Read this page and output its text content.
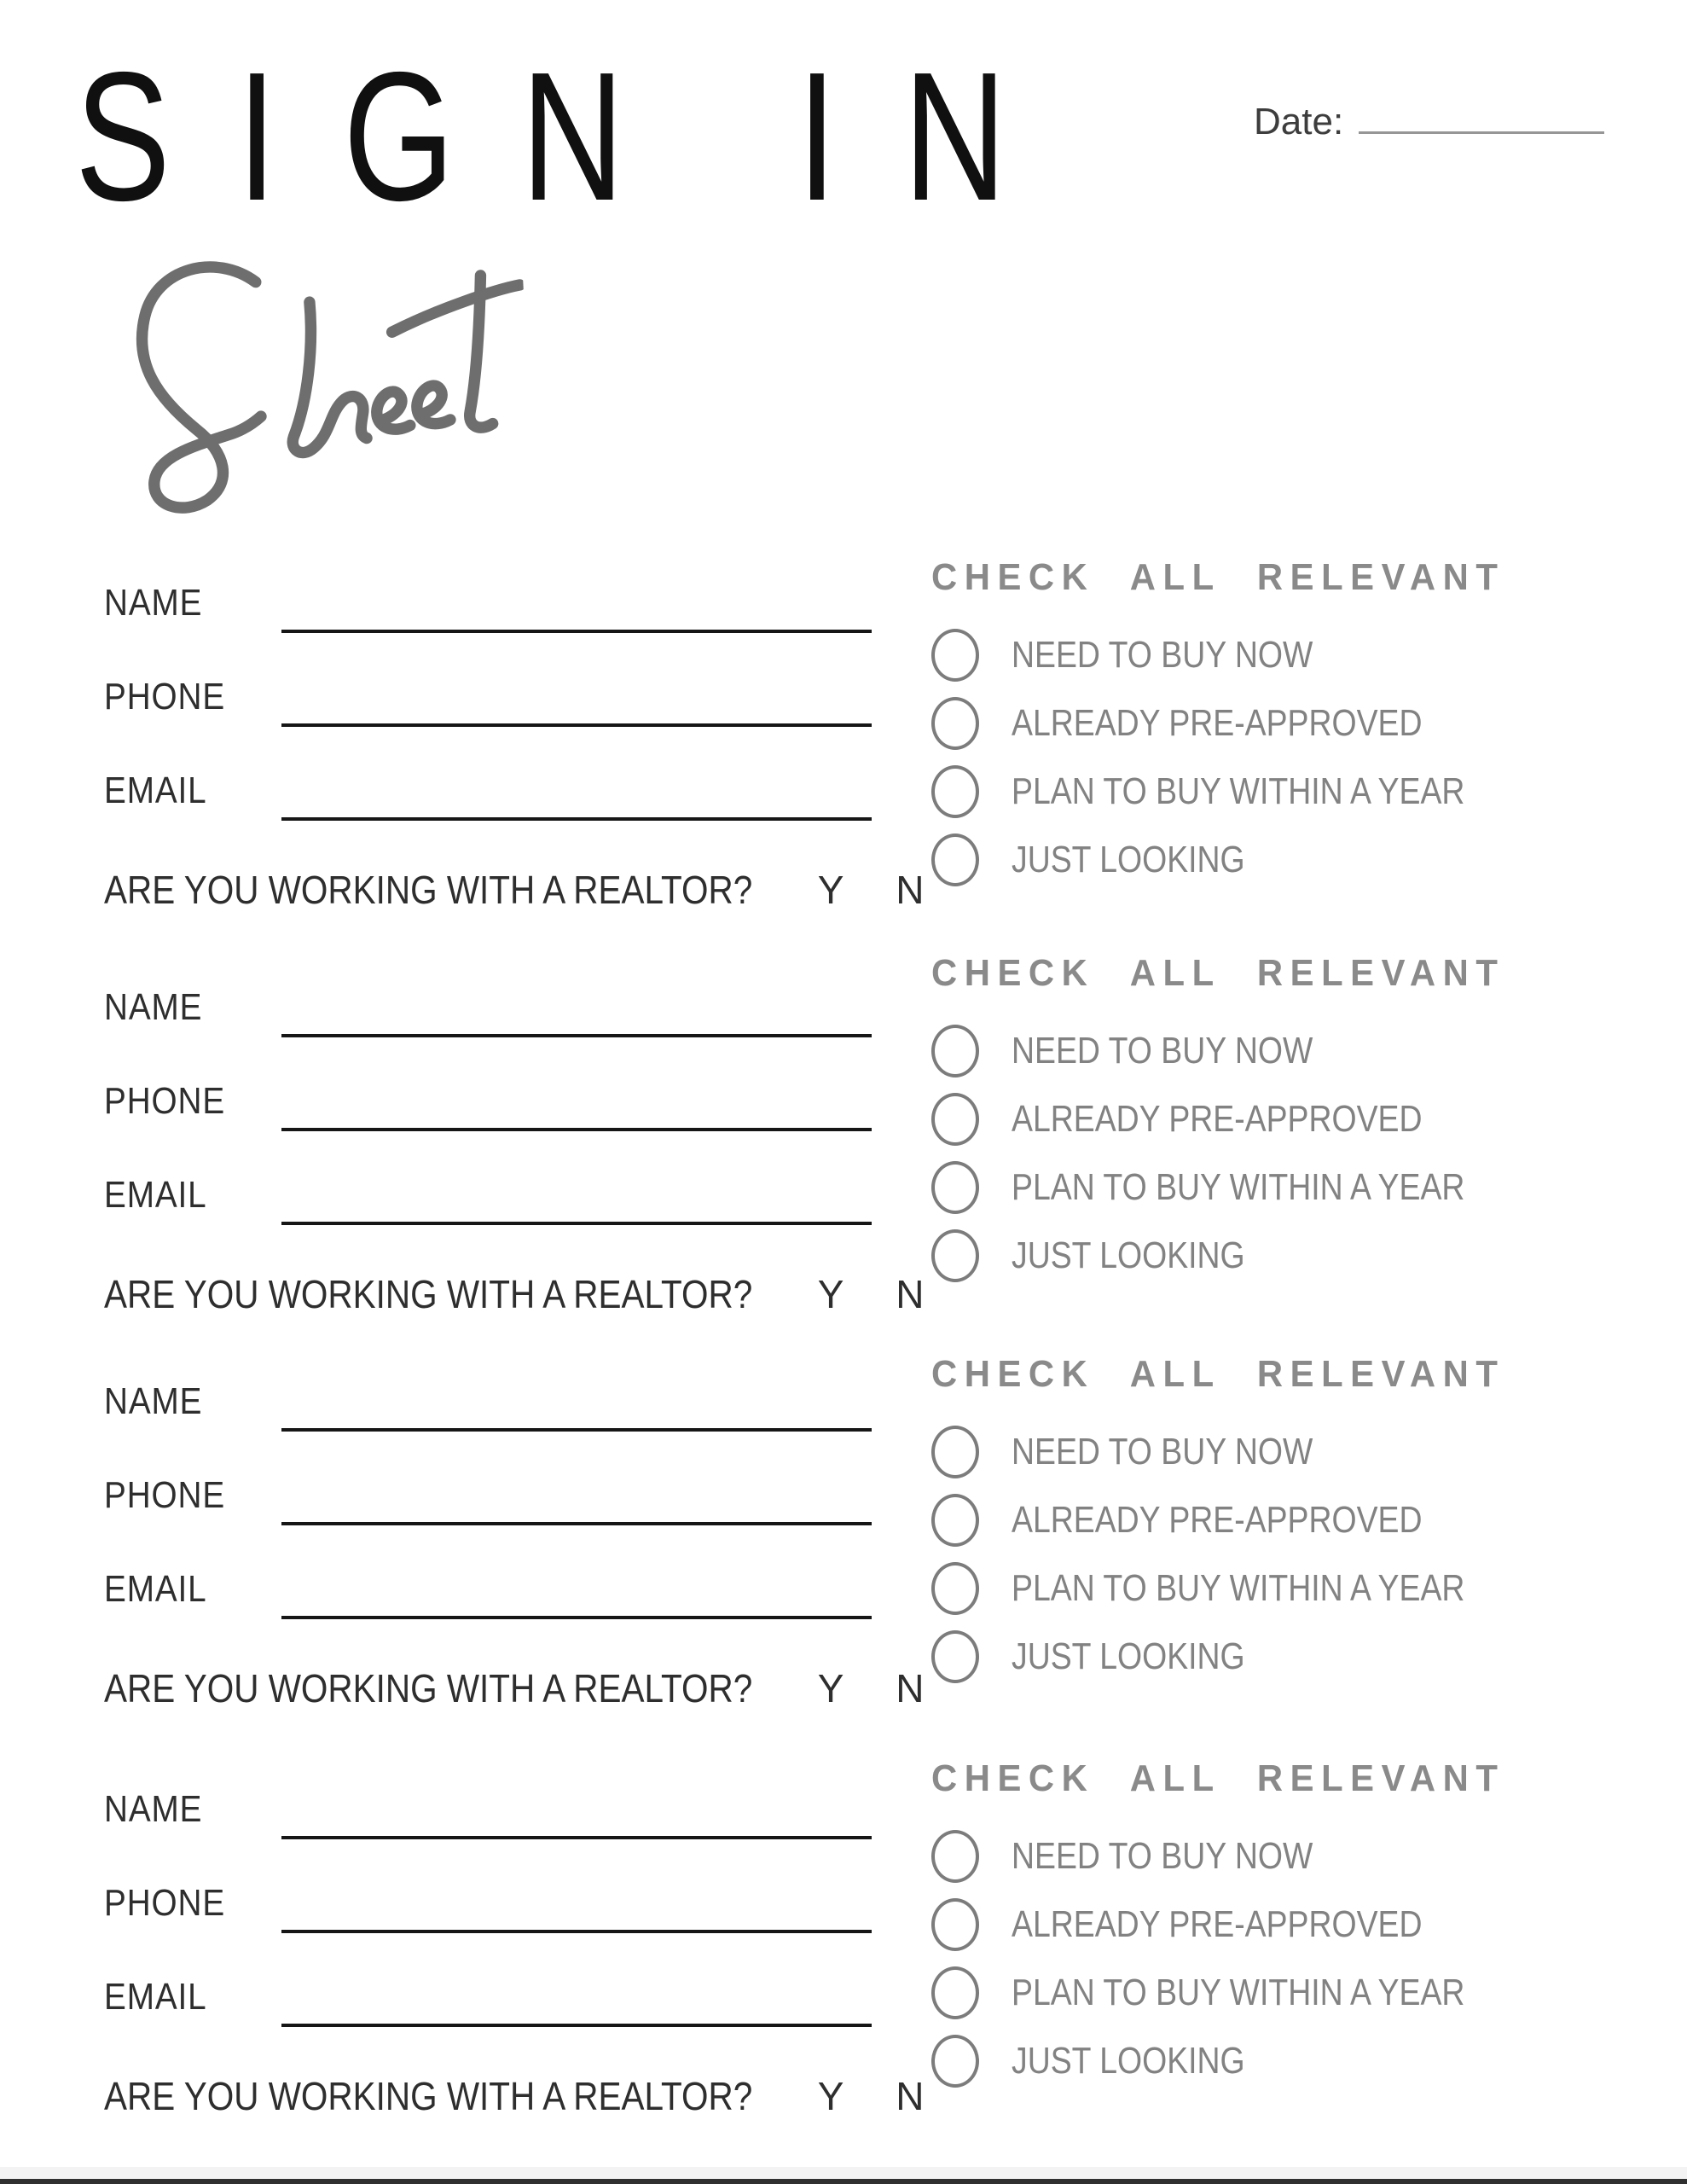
SIGN IN	Date:
NAME
PHONE
EMAIL
ARE YOU WORKING WITH A REALTOR? Y N
NAME
PHONE
EMAIL
ARE YOU WORKING WITH A REALTOR? Y N
NAME
PHONE
EMAIL
ARE YOU WORKING WITH A REALTOR? Y N
NAME
PHONE
EMAIL
ARE YOU WORKING WITH A REALTOR? Y N
CHECK ALL RELEVANT
NEED TO BUY NOW
ALREADY PRE-APPROVED
PLAN TO BUY WITHIN A YEAR
JUST LOOKING
CHECK ALL RELEVANT
NEED TO BUY NOW
ALREADY PRE-APPROVED
PLAN TO BUY WITHIN A YEAR
JUST LOOKING
CHECK ALL RELEVANT
NEED TO BUY NOW
ALREADY PRE-APPROVED
PLAN TO BUY WITHIN A YEAR
JUST LOOKING
CHECK ALL RELEVANT
NEED TO BUY NOW
ALREADY PRE-APPROVED
PLAN TO BUY WITHIN A YEAR
JUST LOOKING
